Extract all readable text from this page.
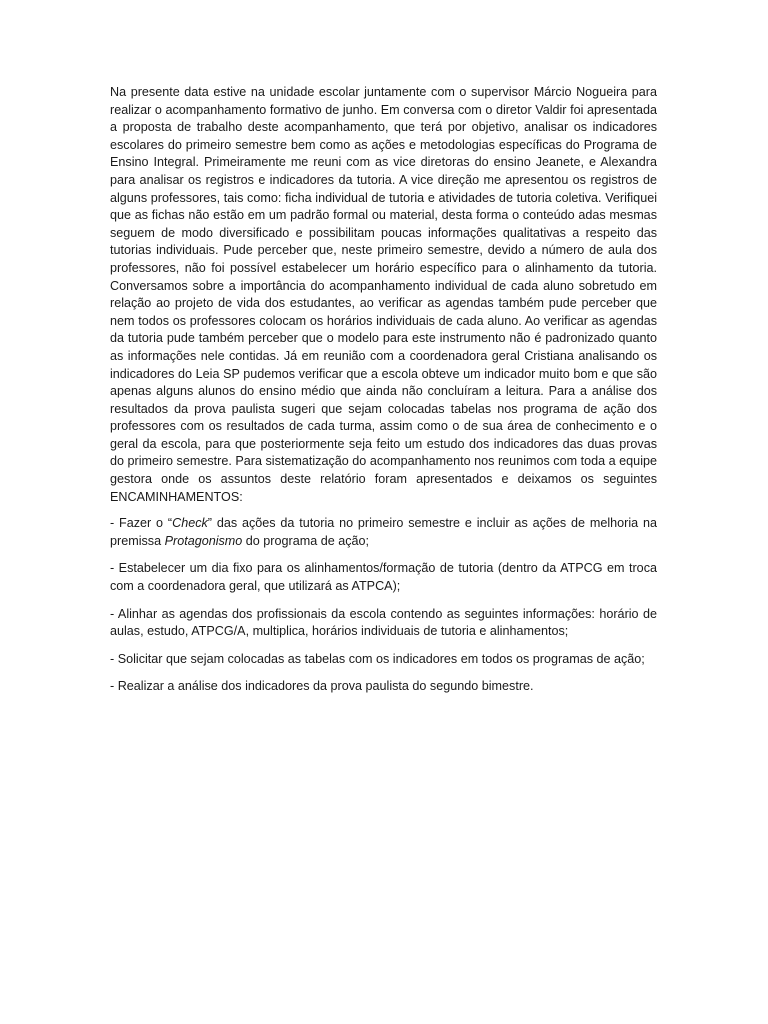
Na presente data estive na unidade escolar juntamente com o supervisor Márcio Nogueira para realizar o acompanhamento formativo de junho. Em conversa com o diretor Valdir foi apresentada a proposta de trabalho deste acompanhamento, que terá por objetivo, analisar os indicadores escolares do primeiro semestre bem como as ações e metodologias específicas do Programa de Ensino Integral. Primeiramente me reuni com as vice diretoras do ensino Jeanete, e Alexandra para analisar os registros e indicadores da tutoria. A vice direção me apresentou os registros de alguns professores, tais como: ficha individual de tutoria e atividades de tutoria coletiva. Verifiquei que as fichas não estão em um padrão formal ou material, desta forma o conteúdo adas mesmas seguem de modo diversificado e possibilitam poucas informações qualitativas a respeito das tutorias individuais. Pude perceber que, neste primeiro semestre, devido a número de aula dos professores, não foi possível estabelecer um horário específico para o alinhamento da tutoria. Conversamos sobre a importância do acompanhamento individual de cada aluno sobretudo em relação ao projeto de vida dos estudantes, ao verificar as agendas também pude perceber que nem todos os professores colocam os horários individuais de cada aluno. Ao verificar as agendas da tutoria pude também perceber que o modelo para este instrumento não é padronizado quanto as informações nele contidas. Já em reunião com a coordenadora geral Cristiana analisando os indicadores do Leia SP pudemos verificar que a escola obteve um indicador muito bom e que são apenas alguns alunos do ensino médio que ainda não concluíram a leitura. Para a análise dos resultados da prova paulista sugeri que sejam colocadas tabelas nos programa de ação dos professores com os resultados de cada turma, assim como o de sua área de conhecimento e o geral da escola, para que posteriormente seja feito um estudo dos indicadores das duas provas do primeiro semestre. Para sistematização do acompanhamento nos reunimos com toda a equipe gestora onde os assuntos deste relatório foram apresentados e deixamos os seguintes ENCAMINHAMENTOS:

- Fazer o “Check” das ações da tutoria no primeiro semestre e incluir as ações de melhoria na premissa Protagonismo do programa de ação;

- Estabelecer um dia fixo para os alinhamentos/formação de tutoria (dentro da ATPCG em troca com a coordenadora geral, que utilizará as ATPCA);

- Alinhar as agendas dos profissionais da escola contendo as seguintes informações: horário de aulas, estudo, ATPCG/A, multiplica, horários individuais de tutoria e alinhamentos;

- Solicitar que sejam colocadas as tabelas com os indicadores em todos os programas de ação;

- Realizar a análise dos indicadores da prova paulista do segundo bimestre.
